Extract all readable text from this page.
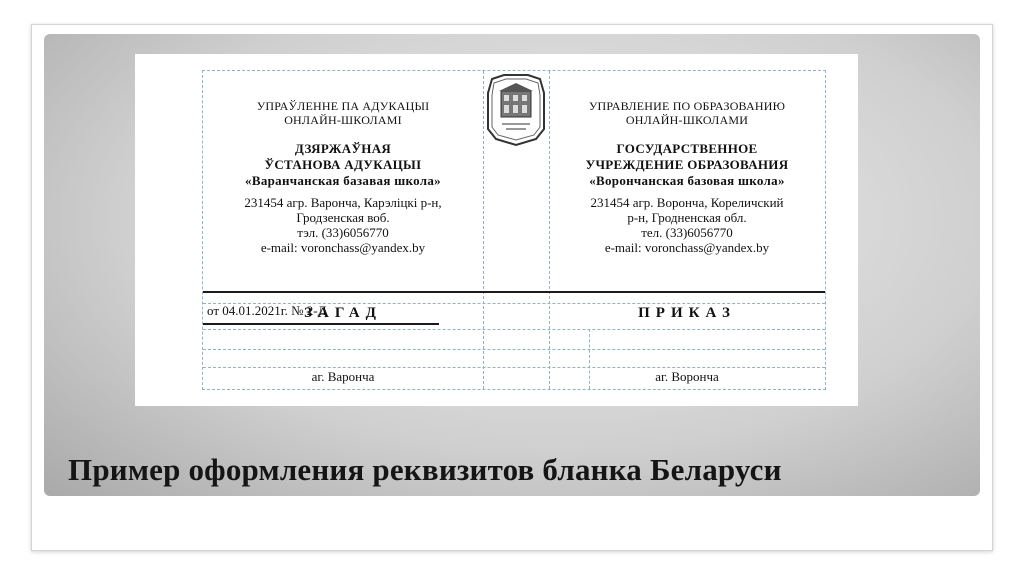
УПРАЎЛЕННЕ ПА АДУКАЦЫІ
ОНЛАЙН-ШКОЛАМІ
ДЗЯРЖАЎНАЯ
ЎСТАНОВА АДУКАЦЫІ
«Варанчанская базавая школа»
231454 агр. Варонча, Карэліцкі р-н,
Гродзенская воб.
тэл. (33)6056770
e-mail: voronchass@yandex.by
УПРАВЛЕНИЕ ПО ОБРАЗОВАНИЮ
ОНЛАЙН-ШКОЛАМИ
ГОСУДАРСТВЕННОЕ
УЧРЕЖДЕНИЕ ОБРАЗОВАНИЯ
«Ворончанская базовая школа»
231454 агр. Воронча, Кореличский
р-н, Гродненская обл.
тел. (33)6056770
e-mail: voronchass@yandex.by
ЗАГАД	ПРИКАЗ
от 04.01.2021г. № 2-Д
аг. Варонча	аг. Воронча
Пример оформления реквизитов бланка Беларуси
